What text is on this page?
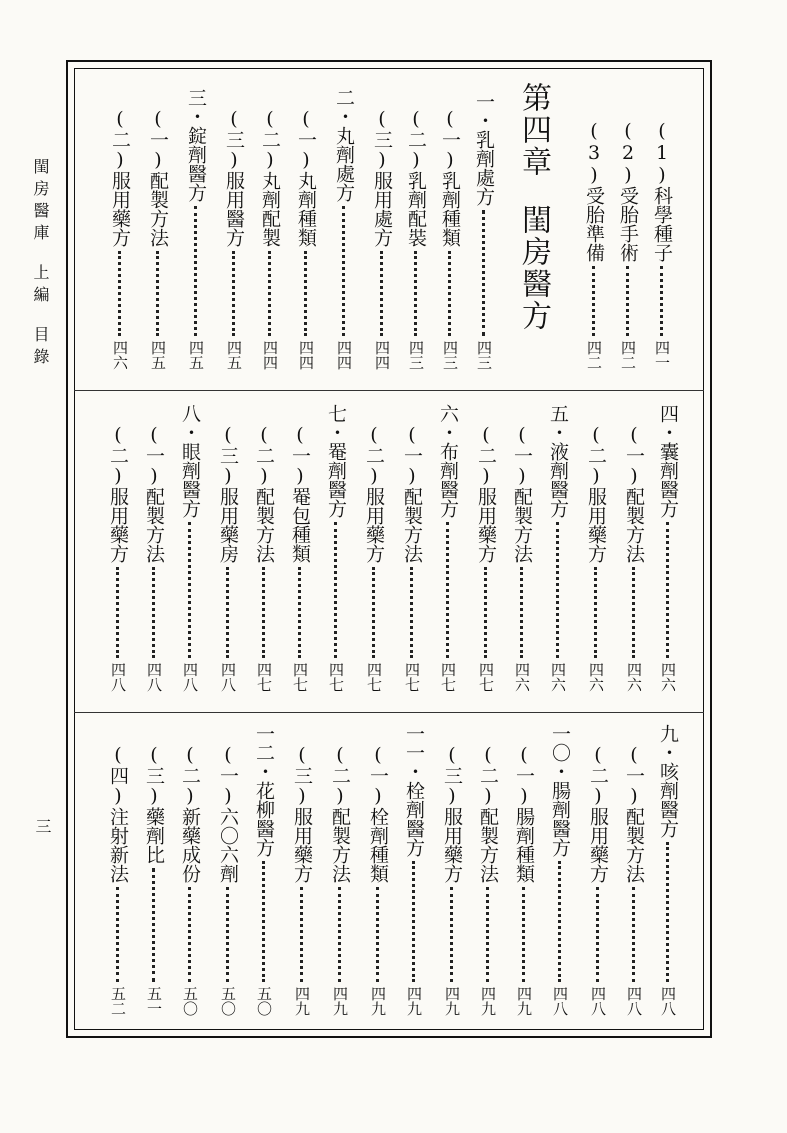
閨房醫庫上編目錄
三
第四章閨房醫方
(1)科學種子
四一
(2)受胎手術
四二
(3)受胎準備
四二
一・乳劑處方
四三
(一)乳劑種類
四三
(二)乳劑配裝
四三
(三)服用處方
四四
二・丸劑處方
四四
(一)丸劑種類
四四
(二)丸劑配製
四四
(三)服用醫方
四五
三・錠劑醫方
四五
(一)配製方法
四五
(二)服用藥方
四六
四・囊劑醫方
四六
(一)配製方法
四六
(二)服用藥方
四六
五・液劑醫方
四六
(一)配製方法
四六
(二)服用藥方
四七
六・布劑醫方
四七
(一)配製方法
四七
(二)服用藥方
四七
七・罨劑醫方
四七
(一)罨包種類
四七
(二)配製方法
四七
(三)服用藥房
四八
八・眼劑醫方
四八
(一)配製方法
四八
(二)服用藥方
四八
九・咳劑醫方
四八
(一)配製方法
四八
(二)服用藥方
四八
一〇・腸劑醫方
四八
(一)腸劑種類
四九
(二)配製方法
四九
(三)服用藥方
四九
一一・栓劑醫方
四九
(一)栓劑種類
四九
(二)配製方法
四九
(三)服用藥方
四九
一二・花柳醫方
五〇
(一)六〇六劑
五〇
(二)新藥成份
五〇
(三)藥劑比
五一
(四)注射新法
五二
